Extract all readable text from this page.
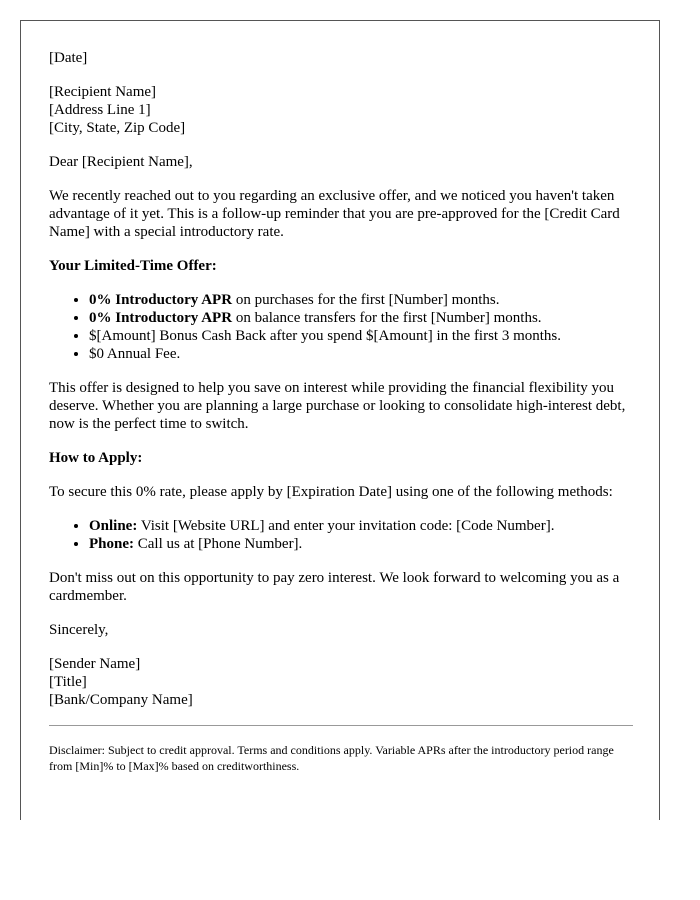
[Date]

[Recipient Name]
[Address Line 1]
[City, State, Zip Code]

Dear [Recipient Name],

We recently reached out to you regarding an exclusive offer, and we noticed you haven't taken advantage of it yet. This is a follow-up reminder that you are pre-approved for the [Credit Card Name] with a special introductory rate.

Your Limited-Time Offer:

• 0% Introductory APR on purchases for the first [Number] months.
• 0% Introductory APR on balance transfers for the first [Number] months.
• $[Amount] Bonus Cash Back after you spend $[Amount] in the first 3 months.
• $0 Annual Fee.

This offer is designed to help you save on interest while providing the financial flexibility you deserve. Whether you are planning a large purchase or looking to consolidate high-interest debt, now is the perfect time to switch.

How to Apply:

To secure this 0% rate, please apply by [Expiration Date] using one of the following methods:

• Online: Visit [Website URL] and enter your invitation code: [Code Number].
• Phone: Call us at [Phone Number].

Don't miss out on this opportunity to pay zero interest. We look forward to welcoming you as a cardmember.

Sincerely,

[Sender Name]
[Title]
[Bank/Company Name]

Disclaimer: Subject to credit approval. Terms and conditions apply. Variable APRs after the introductory period range from [Min]% to [Max]% based on creditworthiness.
